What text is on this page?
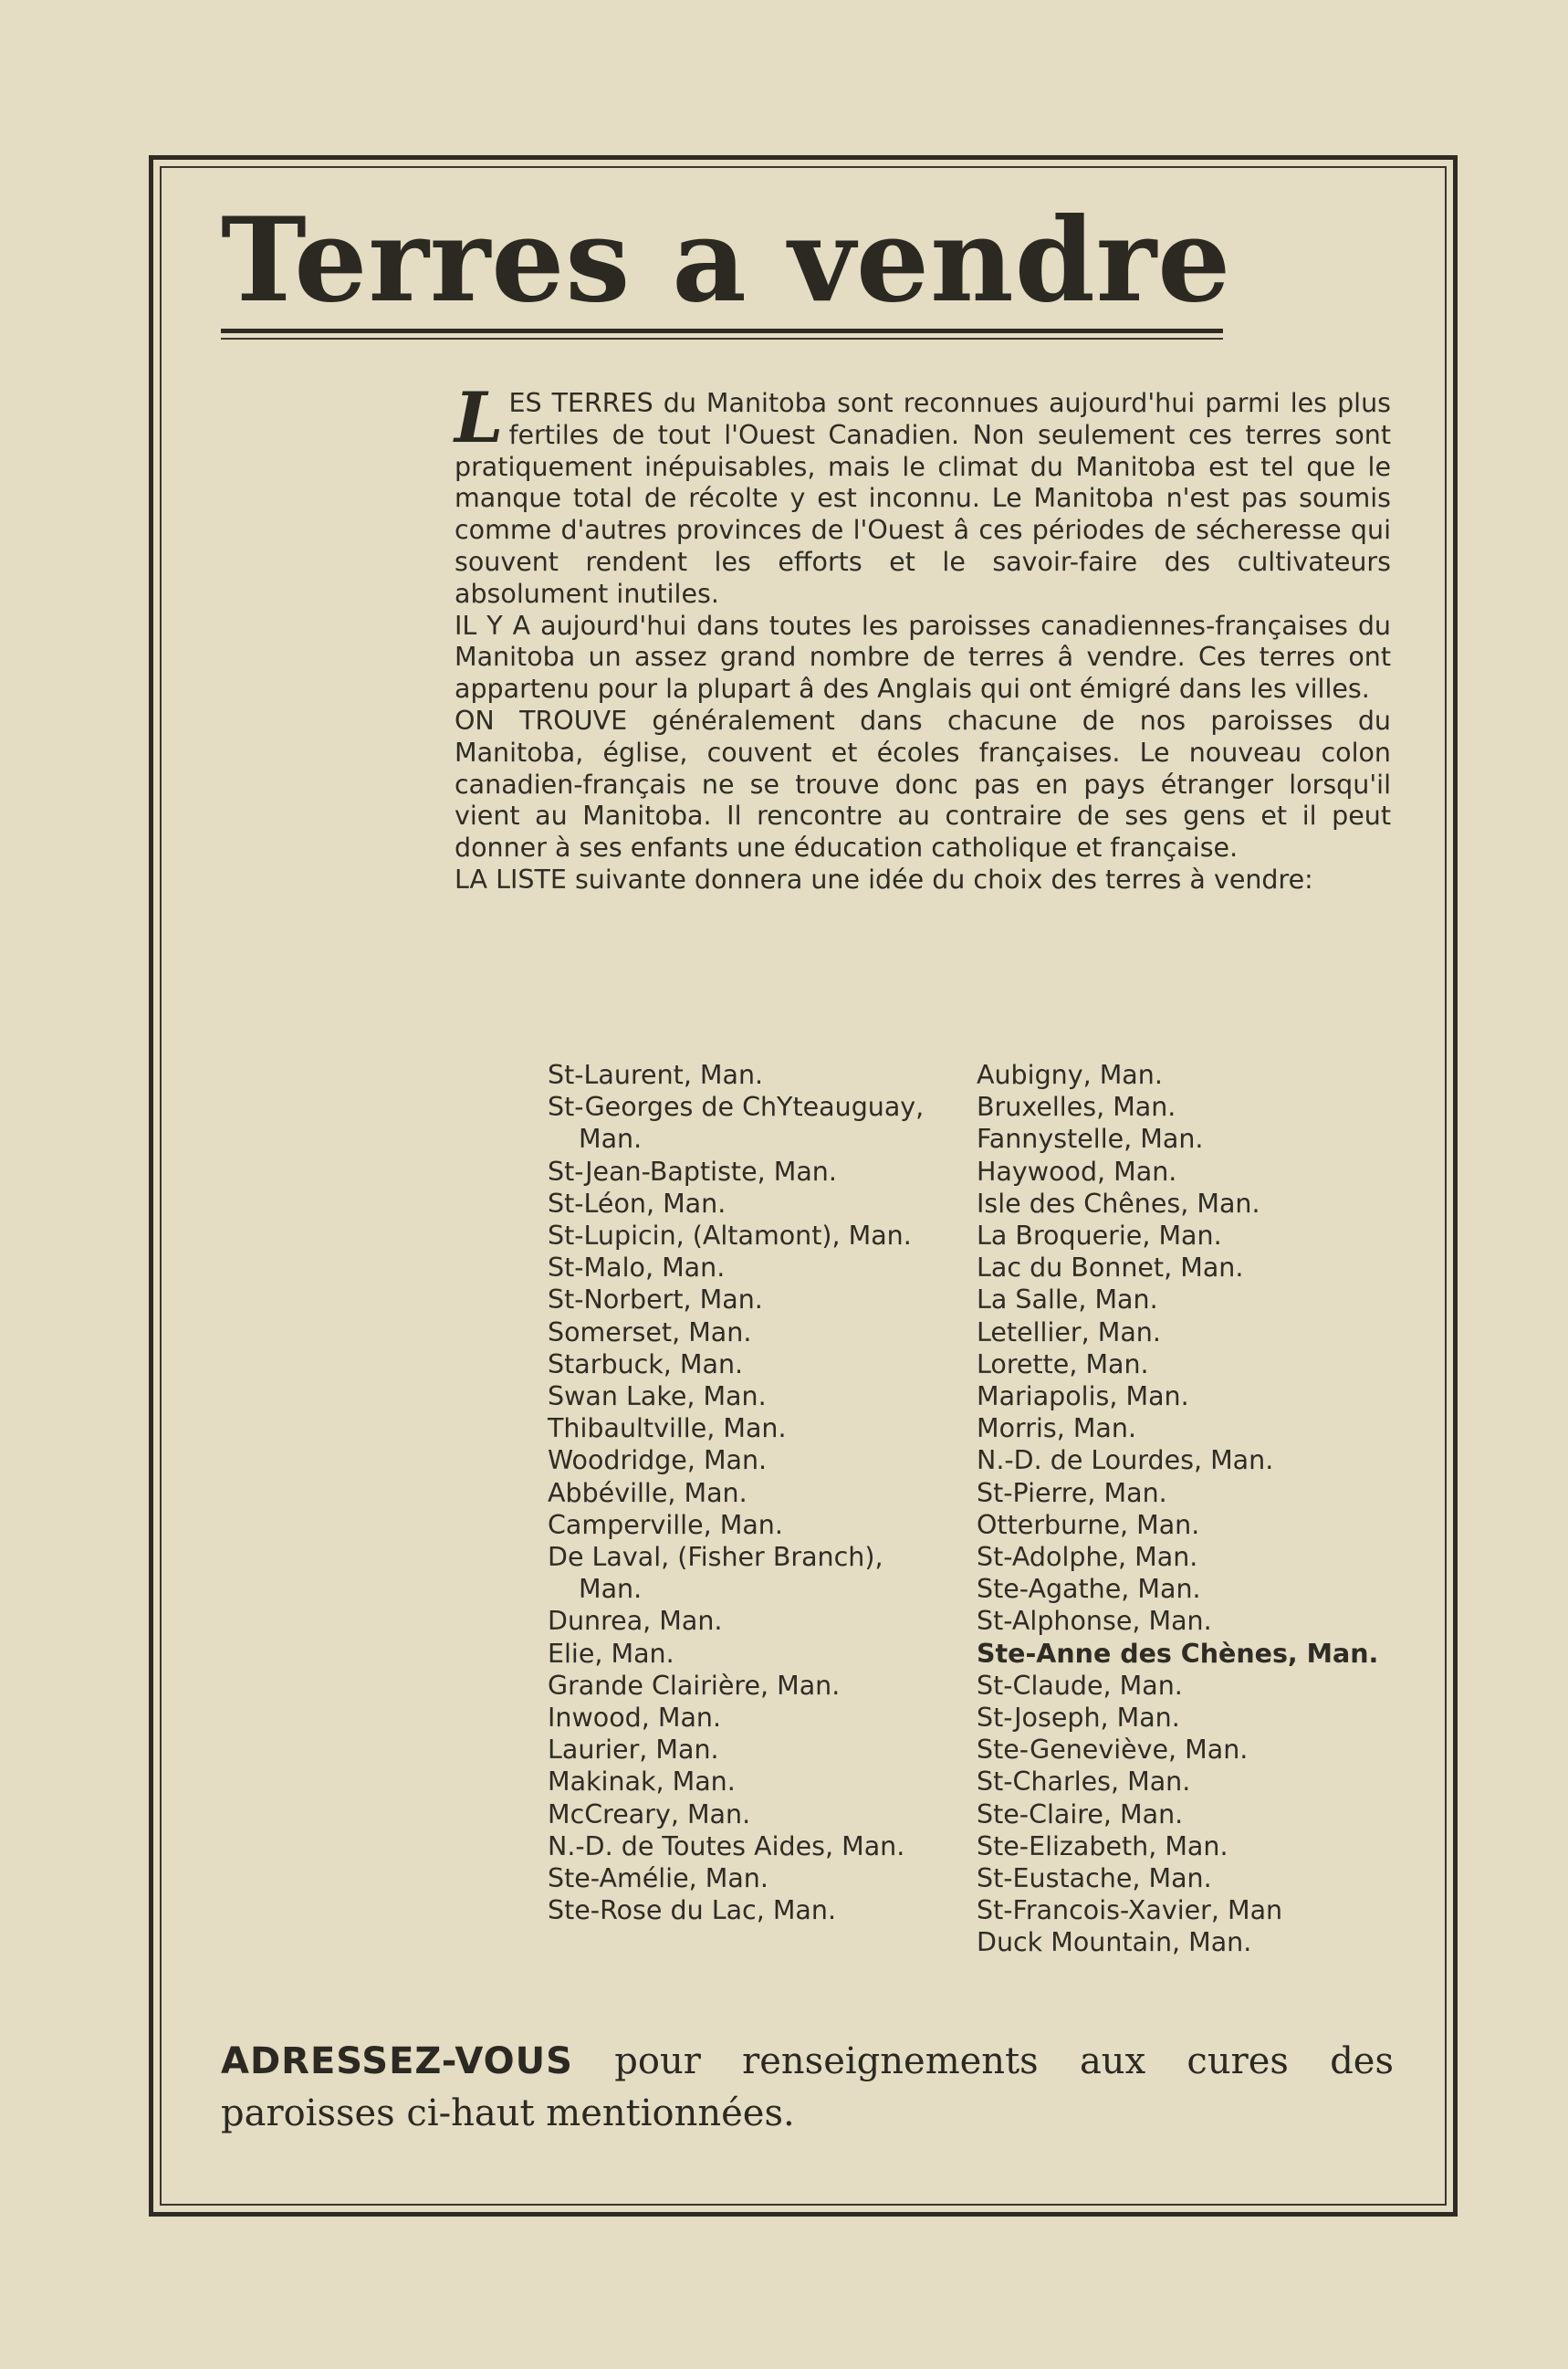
Terres a vendre

LES TERRES du Manitoba sont reconnues aujourd'hui parmi les plus fertiles de tout l'Ouest Canadien. Non seulement ces terres sont pratiquement inépuisables, mais le climat du Manitoba est tel que le manque total de récolte y est inconnu. Le Manitoba n'est pas soumis comme d'autres provinces de l'Ouest â ces périodes de sécheresse qui souvent rendent les efforts et le savoir-faire des cultivateurs absolument inutiles.

IL Y A aujourd'hui dans toutes les paroisses canadiennes-françaises du Manitoba un assez grand nombre de terres â vendre. Ces terres ont appartenu pour la plupart â des Anglais qui ont émigré dans les villes.

ON TROUVE généralement dans chacune de nos paroisses du Manitoba, église, couvent et écoles françaises. Le nouveau colon canadien-français ne se trouve donc pas en pays étranger lorsqu'il vient au Manitoba. Il rencontre au contraire de ses gens et il peut donner à ses enfants une éducation catholique et française.

LA LISTE suivante donnera une idée du choix des terres à vendre:

St-Laurent, Man.
St-Georges de ChYteauguay, Man.
St-Jean-Baptiste, Man.
St-Léon, Man.
St-Lupicin, (Altamont), Man.
St-Malo, Man.
St-Norbert, Man.
Somerset, Man.
Starbuck, Man.
Swan Lake, Man.
Thibaultville, Man.
Woodridge, Man.
Abbéville, Man.
Camperville, Man.
De Laval, (Fisher Branch), Man.
Dunrea, Man.
Elie, Man.
Grande Clairière, Man.
Inwood, Man.
Laurier, Man.
Makinak, Man.
McCreary, Man.
N.-D. de Toutes Aides, Man.
Ste-Amélie, Man.
Ste-Rose du Lac, Man.
Aubigny, Man.
Bruxelles, Man.
Fannystelle, Man.
Haywood, Man.
Isle des Chênes, Man.
La Broquerie, Man.
Lac du Bonnet, Man.
La Salle, Man.
Letellier, Man.
Lorette, Man.
Mariapolis, Man.
Morris, Man.
N.-D. de Lourdes, Man.
St-Pierre, Man.
Otterburne, Man.
St-Adolphe, Man.
Ste-Agathe, Man.
St-Alphonse, Man.
Ste-Anne des Chènes, Man.
St-Claude, Man.
St-Joseph, Man.
Ste-Geneviève, Man.
St-Charles, Man.
Ste-Claire, Man.
Ste-Elizabeth, Man.
St-Eustache, Man.
St-Francois-Xavier, Man
Duck Mountain, Man.

ADRESSEZ-VOUS pour renseignements aux cures des paroisses ci-haut mentionnées.
